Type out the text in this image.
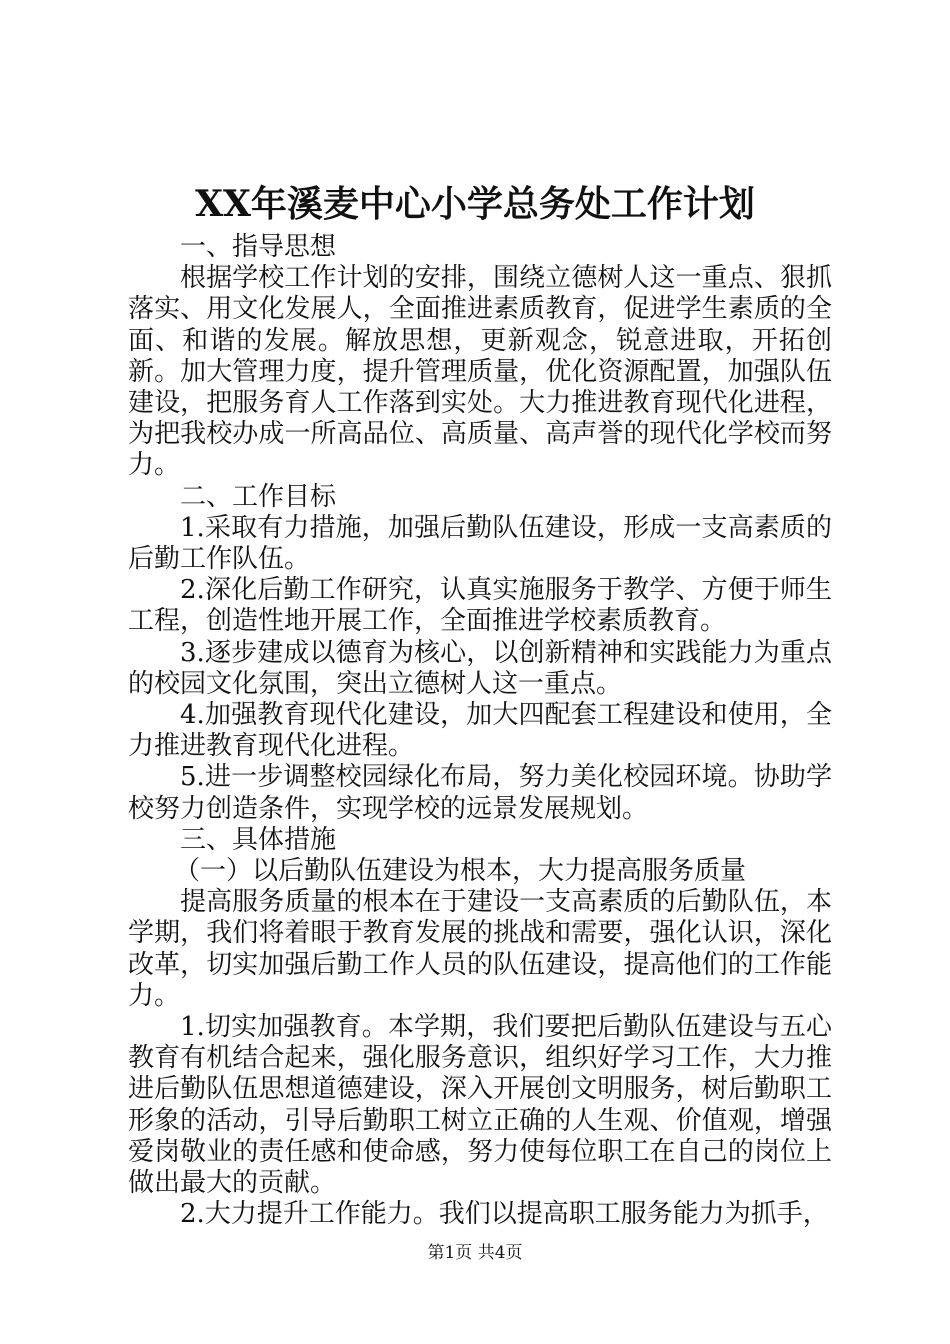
XX年溪麦中心小学总务处工作计划

一、指导思想

根据学校工作计划的安排，围绕立德树人这一重点、狠抓落实、用文化发展人，全面推进素质教育，促进学生素质的全面、和谐的发展。解放思想，更新观念，锐意进取，开拓创新。加大管理力度，提升管理质量，优化资源配置，加强队伍建设，把服务育人工作落到实处。大力推进教育现代化进程，为把我校办成一所高品位、高质量、高声誉的现代化学校而努力。

二、工作目标

1.采取有力措施，加强后勤队伍建设，形成一支高素质的后勤工作队伍。

2.深化后勤工作研究，认真实施服务于教学、方便于师生工程，创造性地开展工作，全面推进学校素质教育。

3.逐步建成以德育为核心，以创新精神和实践能力为重点的校园文化氛围，突出立德树人这一重点。

4.加强教育现代化建设，加大四配套工程建设和使用，全力推进教育现代化进程。

5.进一步调整校园绿化布局，努力美化校园环境。协助学校努力创造条件，实现学校的远景发展规划。

三、具体措施

（一）以后勤队伍建设为根本，大力提高服务质量

提高服务质量的根本在于建设一支高素质的后勤队伍，本学期，我们将着眼于教育发展的挑战和需要，强化认识，深化改革，切实加强后勤工作人员的队伍建设，提高他们的工作能力。

1.切实加强教育。本学期，我们要把后勤队伍建设与五心教育有机结合起来，强化服务意识，组织好学习工作，大力推进后勤队伍思想道德建设，深入开展创文明服务，树后勤职工形象的活动，引导后勤职工树立正确的人生观、价值观，增强爱岗敬业的责任感和使命感，努力使每位职工在自己的岗位上做出最大的贡献。

2.大力提升工作能力。我们以提高职工服务能力为抓手，

第1页 共4页
